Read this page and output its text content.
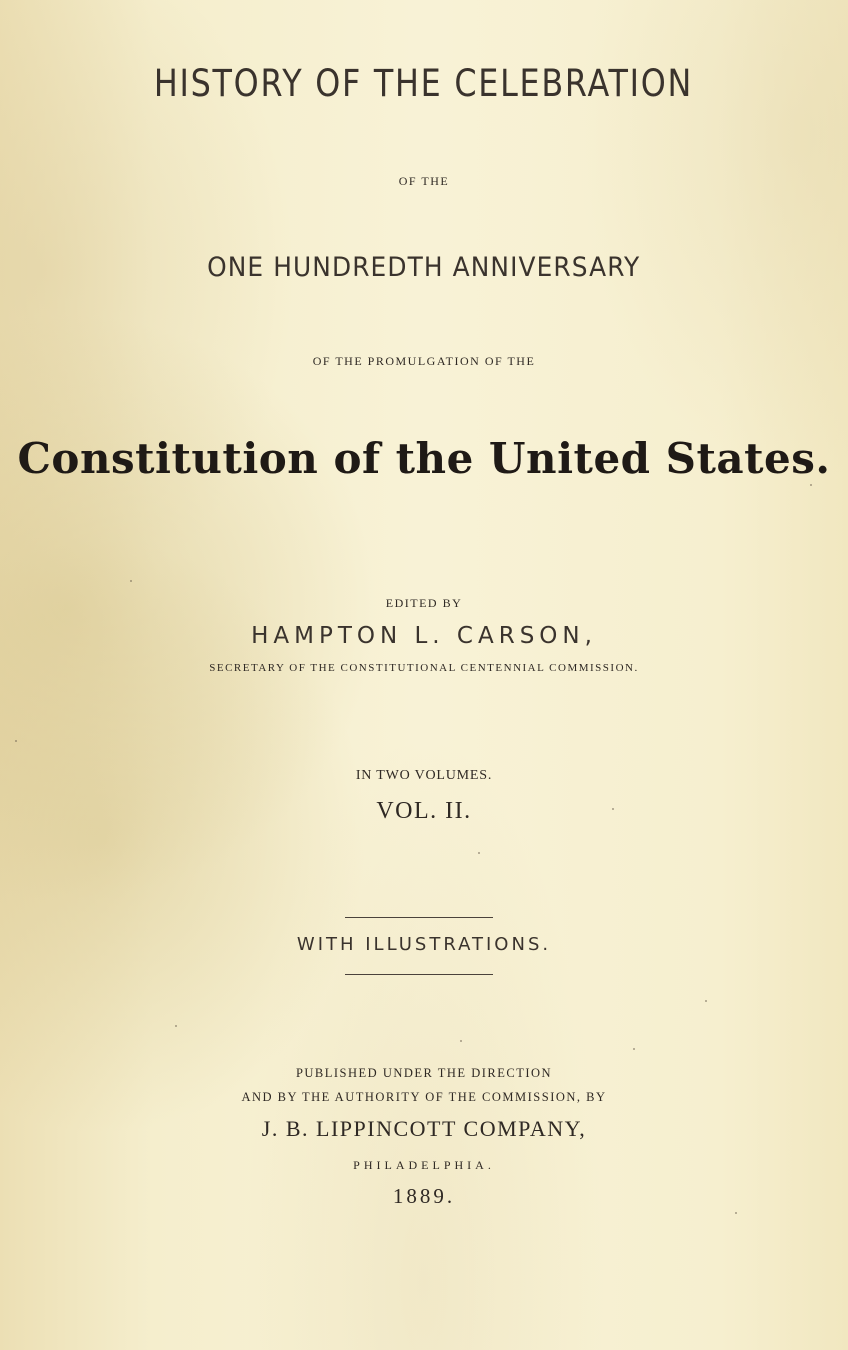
HISTORY OF THE CELEBRATION
OF THE
ONE HUNDREDTH ANNIVERSARY
OF THE PROMULGATION OF THE
Constitution of the United States.
EDITED BY
HAMPTON L. CARSON,
SECRETARY OF THE CONSTITUTIONAL CENTENNIAL COMMISSION.
IN TWO VOLUMES.
VOL. II.
WITH ILLUSTRATIONS.
PUBLISHED UNDER THE DIRECTION
AND BY THE AUTHORITY OF THE COMMISSION, BY
J. B. LIPPINCOTT COMPANY,
PHILADELPHIA.
1889.
